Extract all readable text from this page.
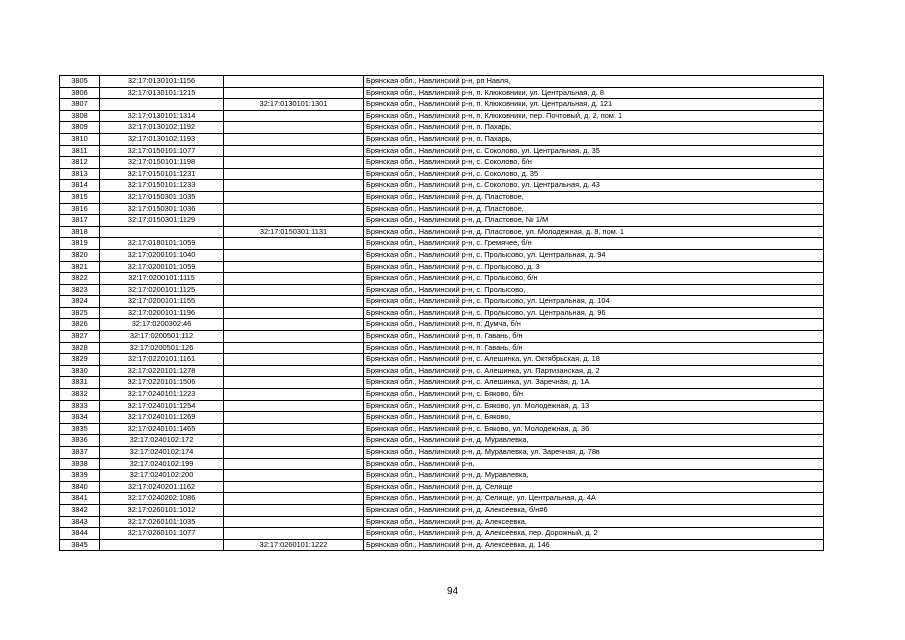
3805	32:17:0130101:1156		Брянская обл., Навлинский р-н, рп Навля,
3806	32:17:0130101:1215		Брянская обл., Навлинский р-н, п. Клюковники, ул. Центральная, д. 8
3807		32:17:0130101:1301	Брянская обл., Навлинский р-н, п. Клюковники, ул. Центральная, д. 121
3808	32:17:0130101:1314		Брянская обл., Навлинский р-н, п. Клюковники, пер. Почтовый, д. 2, пом. 1
3809	32:17:0130102:1192		Брянская обл., Навлинский р-н, п. Пахарь,
3810	32:17:0130102:1193		Брянская обл., Навлинский р-н, п. Пахарь,
3811	32:17:0150101:1077		Брянская обл., Навлинский р-н, с. Соколово, ул. Центральная, д. 35
3812	32:17:0150101:1198		Брянская обл., Навлинский р-н, с. Соколово, б/н
3813	32:17:0150101:1231		Брянская обл., Навлинский р-н, с. Соколово, д. 35
3814	32:17:0150101:1233		Брянская обл., Навлинский р-н, с. Соколово, ул. Центральная, д. 43
3815	32:17:0150301:1035		Брянская обл., Навлинский р-н, д. Пластовое,
3816	32:17:0150301:1036		Брянская обл., Навлинский р-н, д. Пластовое,
3817	32:17:0150301:1129		Брянская обл., Навлинский р-н, д. Пластовое, № 1/М
3818		32:17:0150301:1131	Брянская обл., Навлинский р-н, д. Пластовое, ул. Молодежная, д. 8, пом. 1
3819	32:17:0180101:1059		Брянская обл., Навлинский р-н, с. Гремячее, б/н
3820	32:17:0200101:1040		Брянская обл., Навлинский р-н, с. Пролысово, ул. Центральная, д. 94
3821	32:17:0200101:1059		Брянская обл., Навлинский р-н, с. Пролысово, д. 3
3822	32:17:0200101:1115		Брянская обл., Навлинский р-н, с. Пролысово, б/н
3823	32:17:0200101:1125		Брянская обл., Навлинский р-н, с. Пролысово,
3824	32:17:0200101:1155		Брянская обл., Навлинский р-н, с. Пролысово, ул. Центральная, д. 104
3825	32:17:0200101:1196		Брянская обл., Навлинский р-н, с. Пролысово, ул. Центральная, д. 96
3826	32:17:0200302:46		Брянская обл., Навлинский р-н, п. Думча, б/н
3827	32:17:0200501:112		Брянская обл., Навлинский р-н, п. Гавань, б/н
3828	32:17:0200501:126		Брянская обл., Навлинский р-н, п. Гавань, б/н
3829	32:17:0220101:1161		Брянская обл., Навлинский р-н, с. Алешинка, ул. Октябрьская, д. 18
3830	32:17:0220101:1278		Брянская обл., Навлинский р-н, с. Алешинка, ул. Партизанская, д. 2
3831	32:17:0220101:1506		Брянская обл., Навлинский р-н, с. Алешинка, ул. Заречная, д. 1А
3832	32:17:0240101:1223		Брянская обл., Навлинский р-н, с. Бяково, б/н
3833	32:17:0240101:1254		Брянская обл., Навлинский р-н, с. Бяково, ул. Молодежная, д. 13
3834	32:17:0240101:1269		Брянская обл., Навлинский р-н, с. Бяково,
3835	32:17:0240101:1465		Брянская обл., Навлинский р-н, с. Бяково, ул. Молодежная, д. 36
3836	32:17:0240102:172		Брянская обл., Навлинский р-н, д. Муравлевка,
3837	32:17:0240102:174		Брянская обл., Навлинский р-н, д. Муравлевка, ул. Заречная, д. 78в
3838	32:17:0240102:199		Брянская обл., Навлинский р-н,
3839	32:17:0240102:200		Брянская обл., Навлинский р-н, д. Муравлевка,
3840	32:17:0240201:1162		Брянская обл., Навлинский р-н, д. Селище
3841	32:17:0240202:1086		Брянская обл., Навлинский р-н, д. Селище, ул. Центральная, д. 4А
3842	32:17:0260101:1012		Брянская обл., Навлинский р-н, д. Алексеевка, б/н#6
3843	32:17:0260101:1035		Брянская обл., Навлинский р-н, д. Алексеевка,
3844	32:17:0260101:1077		Брянская обл., Навлинский р-н, д. Алексеевка, пер. Дорожный, д. 2
3845		32:17:0260101:1222	Брянская обл., Навлинский р-н, д. Алексеевка, д. 146
94
